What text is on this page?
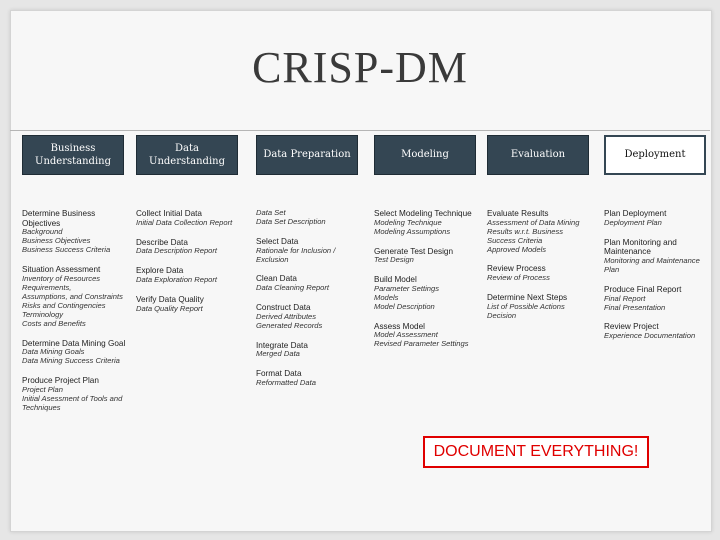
CRISP-DM
Business Understanding
Determine Business Objectives
Background
Business Objectives
Business Success Criteria
Situation Assessment
Inventory of Resources Requirements,
Assumptions, and Constraints
Risks and Contingencies
Terminology
Costs and Benefits
Determine Data Mining Goal
Data Mining Goals
Data Mining Success Criteria
Produce Project Plan
Project Plan
Initial Asessment of Tools and Techniques
Data Understanding
Collect Initial Data
Initial Data Collection Report
Describe Data
Data Description Report
Explore Data
Data Exploration Report
Verify Data Quality
Data Quality Report
Data Preparation
Data Set
Data Set Description
Select Data
Rationale for Inclusion / Exclusion
Clean Data
Data Cleaning Report
Construct Data
Derived Attributes
Generated Records
Integrate Data
Merged Data
Format Data
Reformatted Data
Modeling
Select Modeling Technique
Modeling Technique
Modeling Assumptions
Generate Test Design
Test Design
Build Model
Parameter Settings
Models
Model Description
Assess Model
Model Assessment
Revised Parameter Settings
Evaluation
Evaluate Results
Assessment of Data Mining Results w.r.t. Business Success Criteria
Approved Models
Review Process
Review of Process
Determine Next Steps
List of Possible Actions
Decision
Deployment
Plan Deployment
Deployment Plan
Plan Monitoring and Maintenance
Monitoring and Maintenance Plan
Produce Final Report
Final Report
Final Presentation
Review Project
Experience Documentation
DOCUMENT EVERYTHING!
